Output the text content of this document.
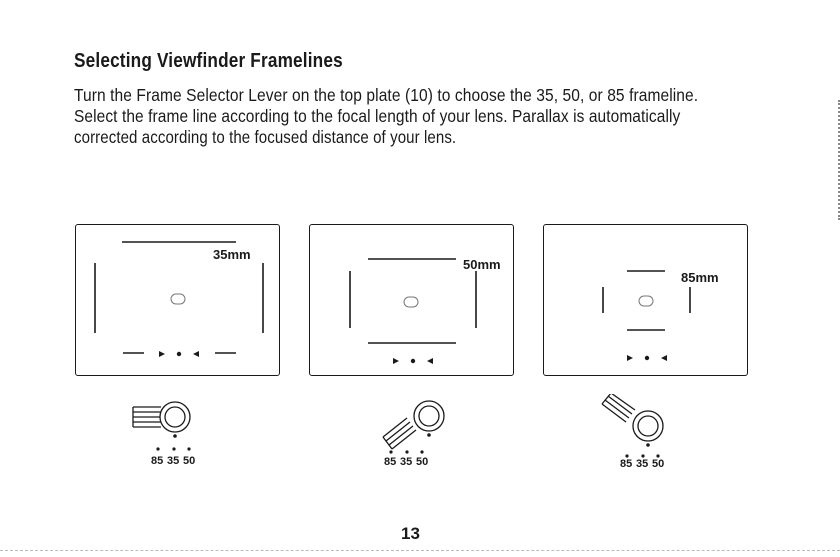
Selecting Viewfinder Framelines
Turn the Frame Selector Lever on the top plate (10) to choose the 35, 50, or 85 frameline.
Select the frame line according to the focal length of your lens. Parallax is automatically
corrected according to the focused distance of your lens.
35mm
50mm
85mm
85 35 50	85 35 50	85 35 50
13
